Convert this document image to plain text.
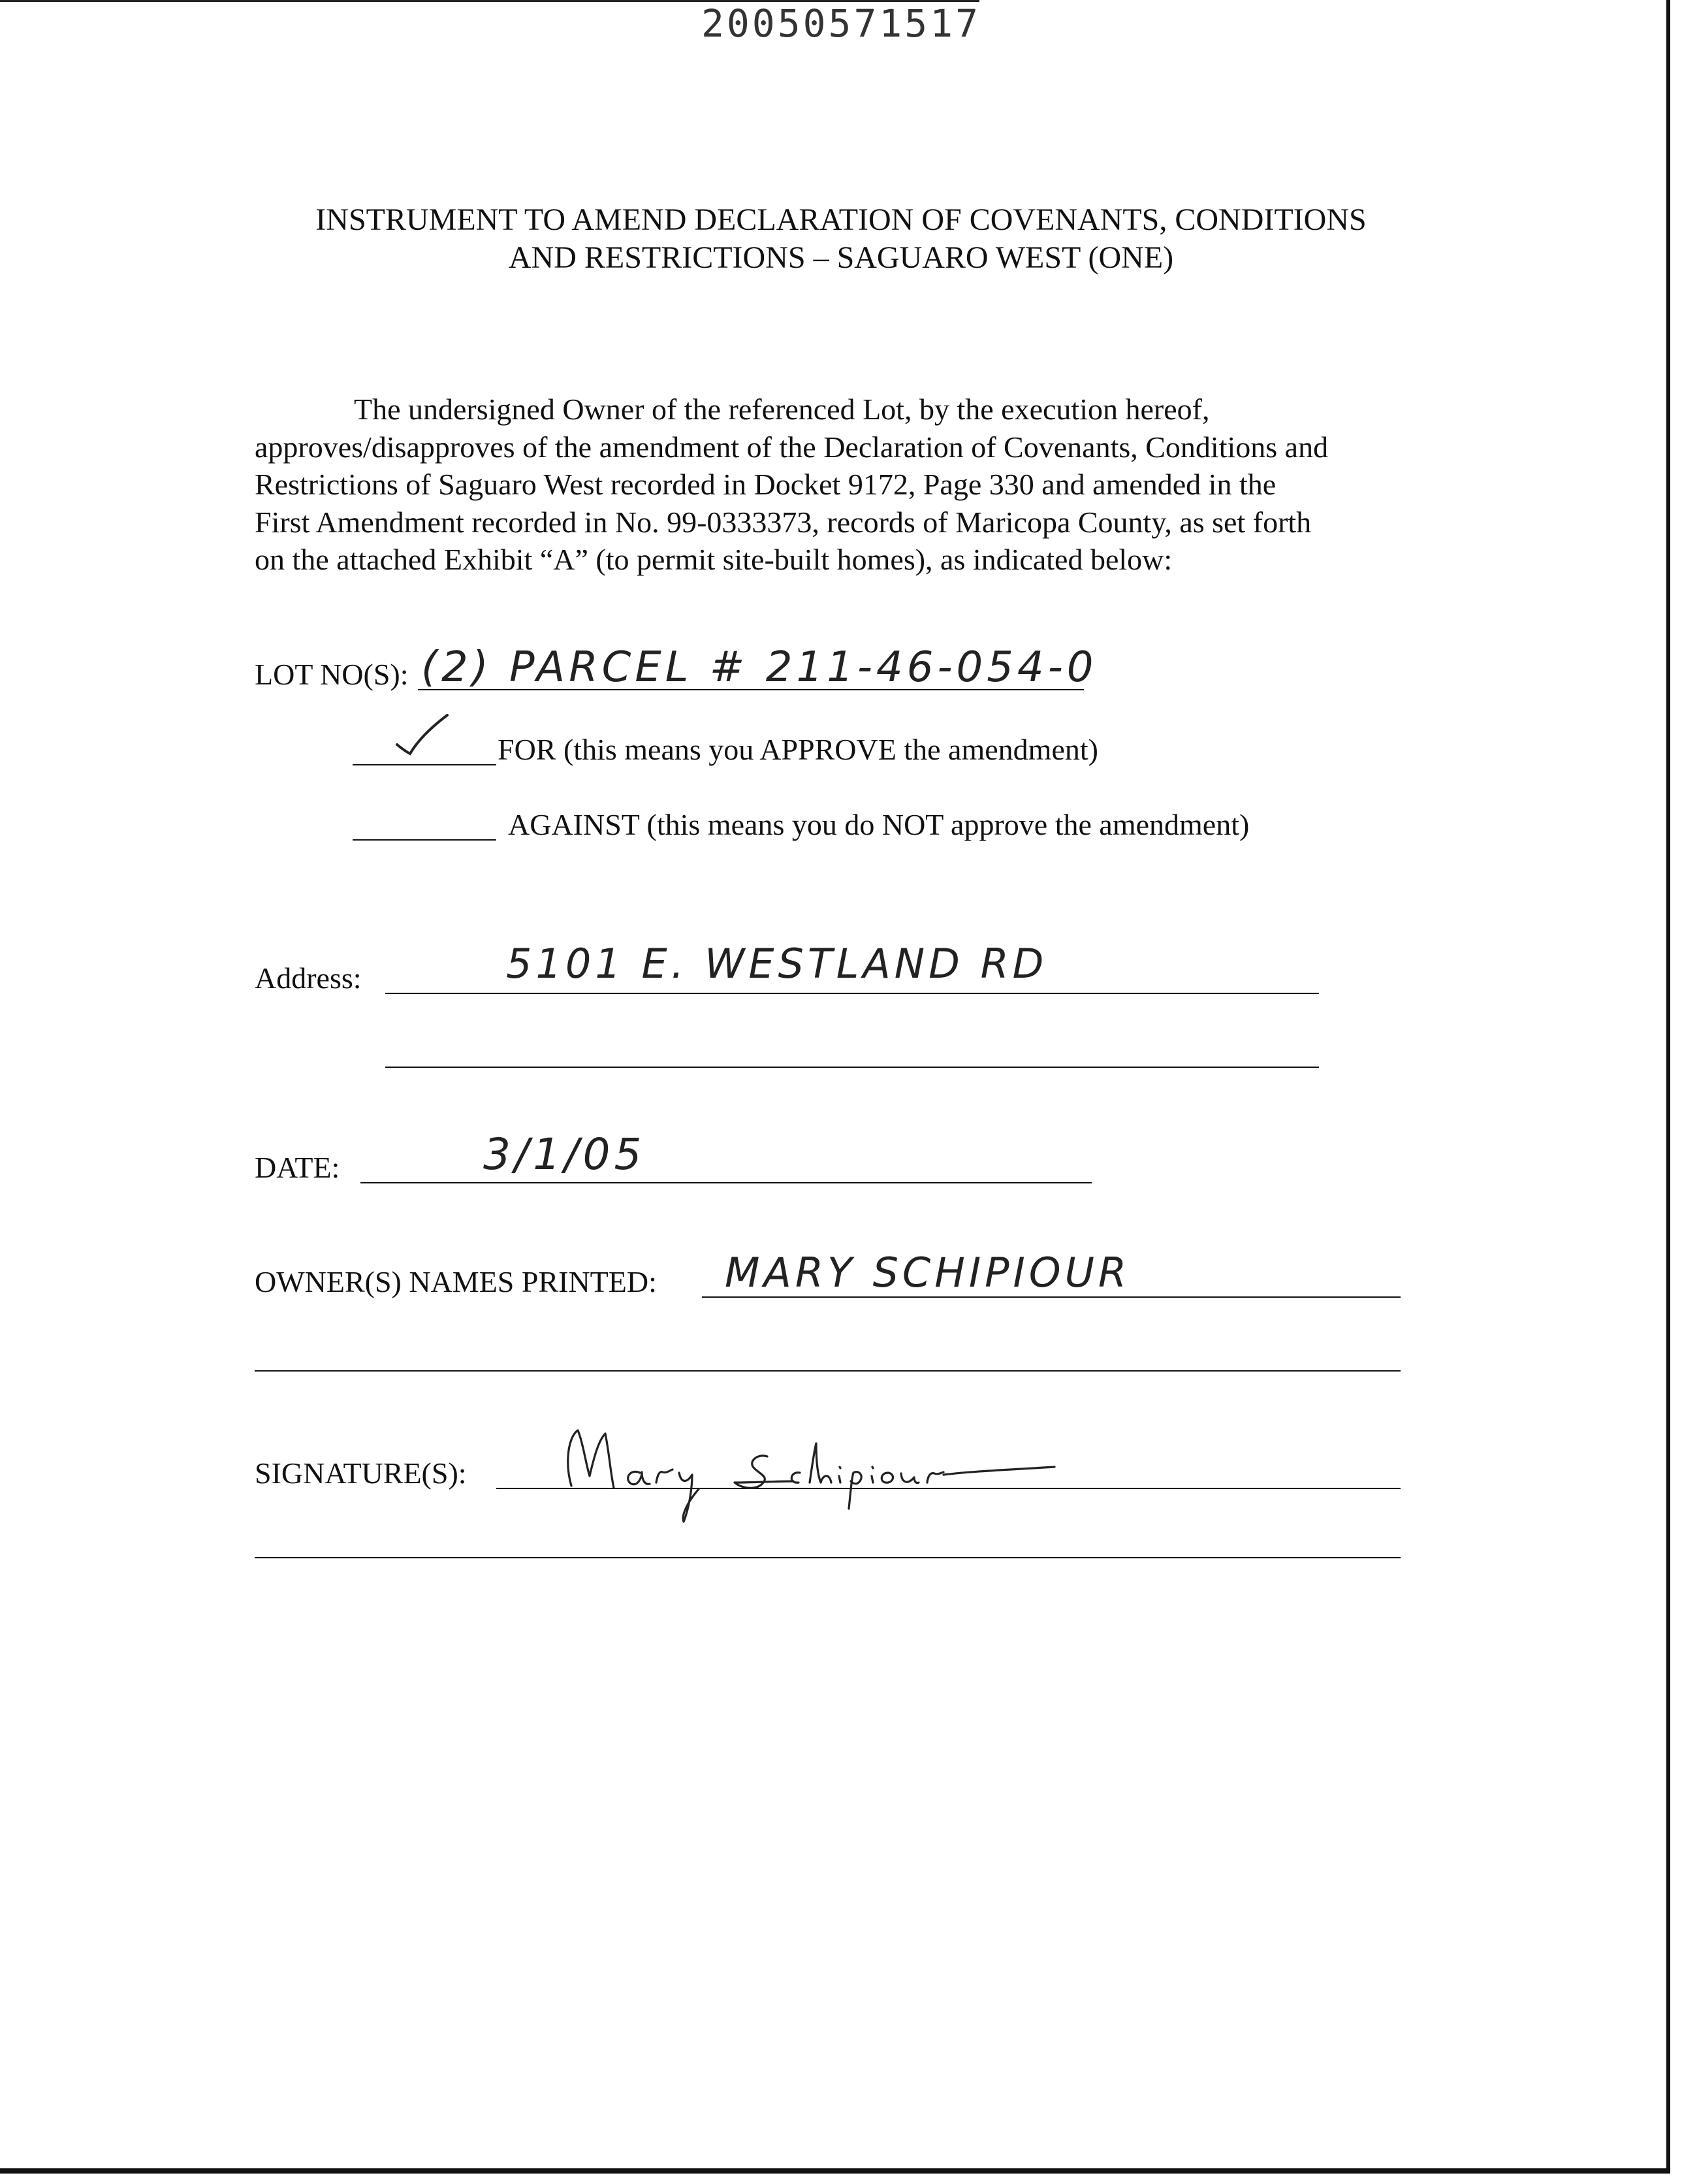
20050571517
INSTRUMENT TO AMEND DECLARATION OF COVENANTS, CONDITIONS
AND RESTRICTIONS – SAGUARO WEST (ONE)
The undersigned Owner of the referenced Lot, by the execution hereof,
approves/disapproves of the amendment of the Declaration of Covenants, Conditions and
Restrictions of Saguaro West recorded in Docket 9172, Page 330 and amended in the
First Amendment recorded in No. 99-0333373, records of Maricopa County, as set forth
on the attached Exhibit “A” (to permit site-built homes), as indicated below:
LOT NO(S): (2) PARCEL # 211-46-054-0
FOR (this means you APPROVE the amendment)
AGAINST (this means you do NOT approve the amendment)
Address:	5101 E. WESTLAND RD
DATE:	3/1/05
OWNER(S) NAMES PRINTED: MARY SCHIPIOUR
SIGNATURE(S):
